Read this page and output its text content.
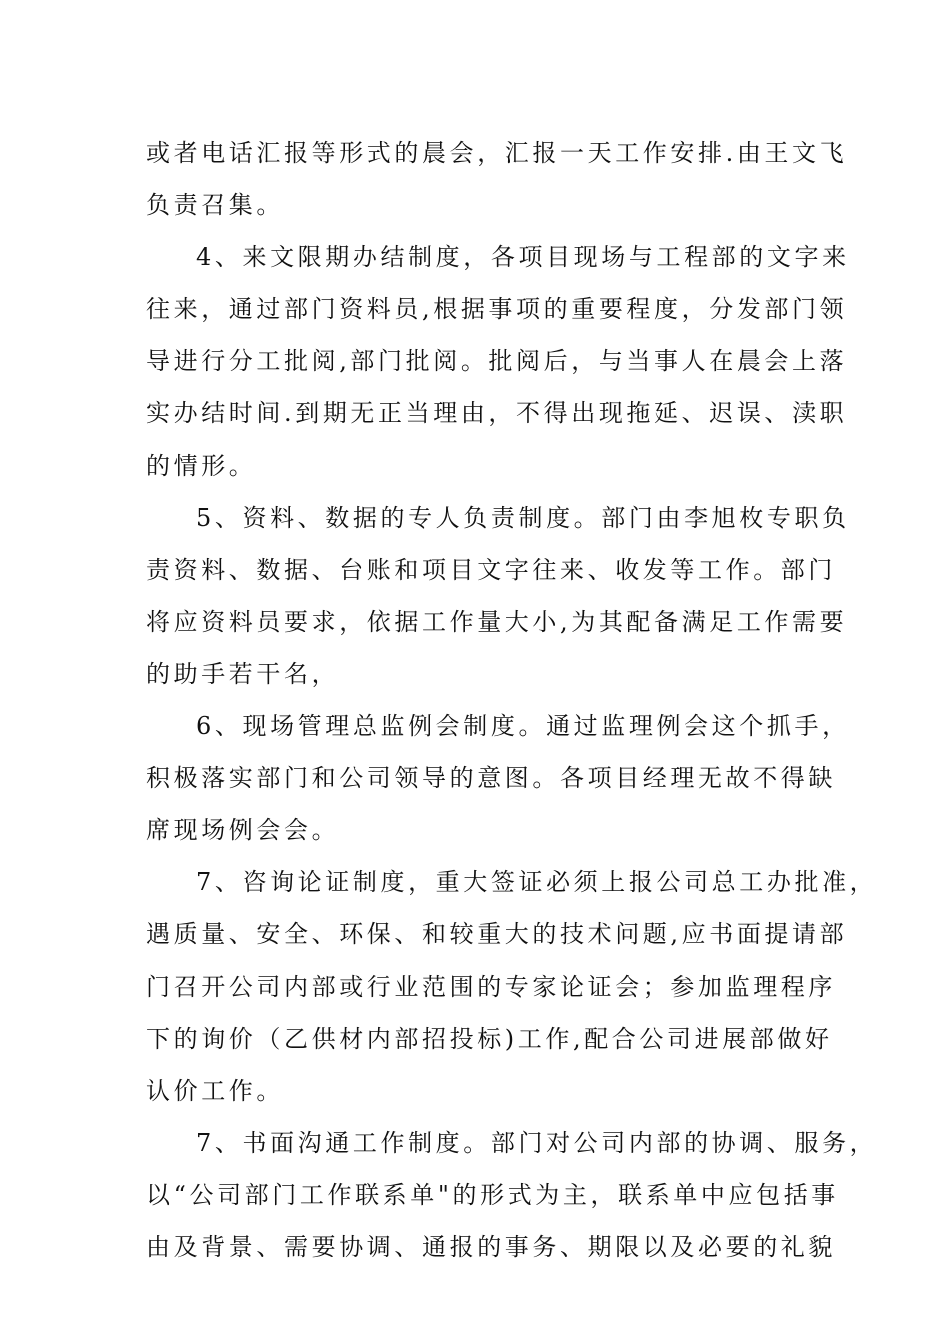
或者电话汇报等形式的晨会，汇报一天工作安排.由王文飞
负责召集。
4、来文限期办结制度，各项目现场与工程部的文字来
往来，通过部门资料员,根据事项的重要程度，分发部门领
导进行分工批阅,部门批阅。批阅后，与当事人在晨会上落
实办结时间.到期无正当理由，不得出现拖延、迟误、渎职
的情形。
5、资料、数据的专人负责制度。部门由李旭枚专职负
责资料、数据、台账和项目文字往来、收发等工作。部门
将应资料员要求，依据工作量大小,为其配备满足工作需要
的助手若干名，
6、现场管理总监例会制度。通过监理例会这个抓手，
积极落实部门和公司领导的意图。各项目经理无故不得缺
席现场例会会。
7、咨询论证制度，重大签证必须上报公司总工办批准，
遇质量、安全、环保、和较重大的技术问题,应书面提请部
门召开公司内部或行业范围的专家论证会；参加监理程序
下的询价（乙供材内部招投标)工作,配合公司进展部做好
认价工作。
7、书面沟通工作制度。部门对公司内部的协调、服务，
以“公司部门工作联系单"的形式为主，联系单中应包括事
由及背景、需要协调、通报的事务、期限以及必要的礼貌
